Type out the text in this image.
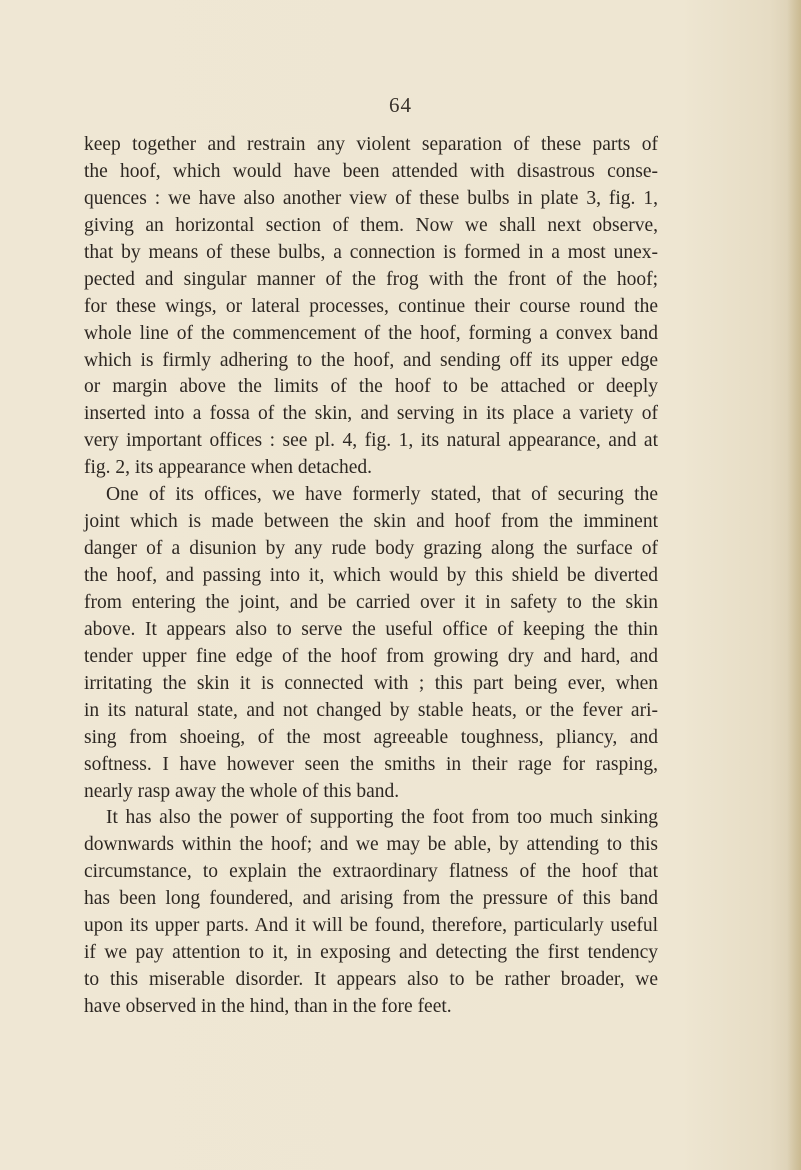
64
keep together and restrain any violent separation of these parts of
the hoof, which would have been attended with disastrous conse-
quences : we have also another view of these bulbs in plate 3, fig. 1,
giving an horizontal section of them. Now we shall next observe,
that by means of these bulbs, a connection is formed in a most unex-
pected and singular manner of the frog with the front of the hoof;
for these wings, or lateral processes, continue their course round the
whole line of the commencement of the hoof, forming a convex band
which is firmly adhering to the hoof, and sending off its upper edge
or margin above the limits of the hoof to be attached or deeply
inserted into a fossa of the skin, and serving in its place a variety of
very important offices : see pl. 4, fig. 1, its natural appearance, and at
fig. 2, its appearance when detached.
One of its offices, we have formerly stated, that of securing the
joint which is made between the skin and hoof from the imminent
danger of a disunion by any rude body grazing along the surface of
the hoof, and passing into it, which would by this shield be diverted
from entering the joint, and be carried over it in safety to the skin
above. It appears also to serve the useful office of keeping the thin
tender upper fine edge of the hoof from growing dry and hard, and
irritating the skin it is connected with ; this part being ever, when
in its natural state, and not changed by stable heats, or the fever ari-
sing from shoeing, of the most agreeable toughness, pliancy, and
softness. I have however seen the smiths in their rage for rasping,
nearly rasp away the whole of this band.
It has also the power of supporting the foot from too much sinking
downwards within the hoof; and we may be able, by attending to this
circumstance, to explain the extraordinary flatness of the hoof that
has been long foundered, and arising from the pressure of this band
upon its upper parts. And it will be found, therefore, particularly useful
if we pay attention to it, in exposing and detecting the first tendency
to this miserable disorder. It appears also to be rather broader, we
have observed in the hind, than in the fore feet.
